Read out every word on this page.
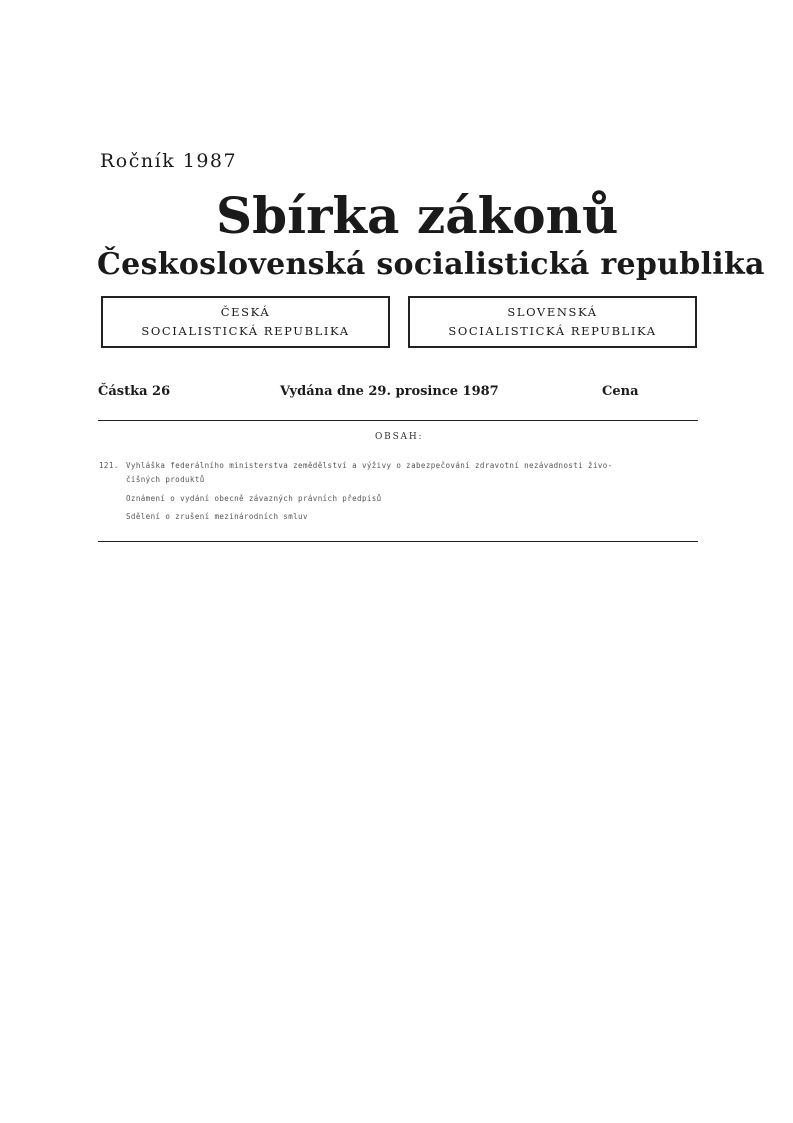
Ročník 1987
Sbírka zákonů
Československá socialistická republika
ČESKÁ
SOCIALISTICKÁ REPUBLIKA
SLOVENSKÁ
SOCIALISTICKÁ REPUBLIKA
Částka 26	Vydána dne 29. prosince 1987	Cena
OBSAH:
121. Vyhláška federálního ministerstva zemědělství a výživy o zabezpečování zdravotní nezávadnosti živo-
čišných produktů
Oznámení o vydání obecně závazných právních předpisů
Sdělení o zrušení mezinárodních smluv
